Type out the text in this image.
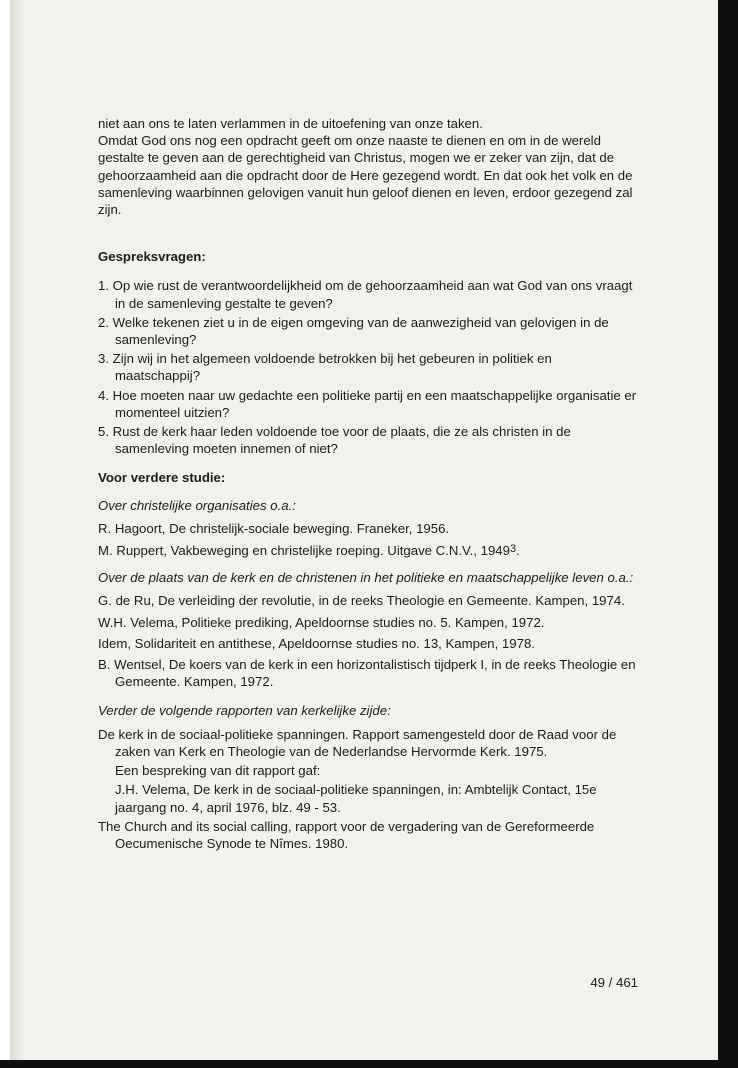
niet aan ons te laten verlammen in de uitoefening van onze taken.

Omdat God ons nog een opdracht geeft om onze naaste te dienen en om in de wereld gestalte te geven aan de gerechtigheid van Christus, mogen we er zeker van zijn, dat de gehoorzaamheid aan die opdracht door de Here gezegend wordt. En dat ook het volk en de samenleving waarbinnen gelovigen vanuit hun geloof dienen en leven, erdoor gezegend zal zijn.

Gespreksvragen:

1. Op wie rust de verantwoordelijkheid om de gehoorzaamheid aan wat God van ons vraagt in de samenleving gestalte te geven?

2. Welke tekenen ziet u in de eigen omgeving van de aanwezigheid van gelovigen in de samenleving?

3. Zijn wij in het algemeen voldoende betrokken bij het gebeuren in politiek en maatschappij?

4. Hoe moeten naar uw gedachte een politieke partij en een maatschappelijke organisatie er momenteel uitzien?

5. Rust de kerk haar leden voldoende toe voor de plaats, die ze als christen in de samenleving moeten innemen of niet?

Voor verdere studie:

Over christelijke organisaties o.a.:

R. Hagoort, De christelijk-sociale beweging. Franeker, 1956.

M. Ruppert, Vakbeweging en christelijke roeping. Uitgave C.N.V., 1949$^3$.

Over de plaats van de kerk en de christenen in het politieke en maatschappelijke leven o.a.:

G. de Ru, De verleiding der revolutie, in de reeks Theologie en Gemeente. Kampen, 1974.

W.H. Velema, Politieke prediking, Apeldoornse studies no. 5. Kampen, 1972.

Idem, Solidariteit en antithese, Apeldoornse studies no. 13, Kampen, 1978.

B. Wentsel, De koers van de kerk in een horizontalistisch tijdperk I, in de reeks Theologie en Gemeente. Kampen, 1972.

Verder de volgende rapporten van kerkelijke zijde:

De kerk in de sociaal-politieke spanningen. Rapport samengesteld door de Raad voor de zaken van Kerk en Theologie van de Nederlandse Hervormde Kerk. 1975.

Een bespreking van dit rapport gaf:

J.H. Velema, De kerk in de sociaal-politieke spanningen, in: Ambtelijk Contact, 15e jaargang no. 4, april 1976, blz. 49 - 53.

The Church and its social calling, rapport voor de vergadering van de Gereformeerde Oecumenische Synode te Nîmes. 1980.

49 / 461
